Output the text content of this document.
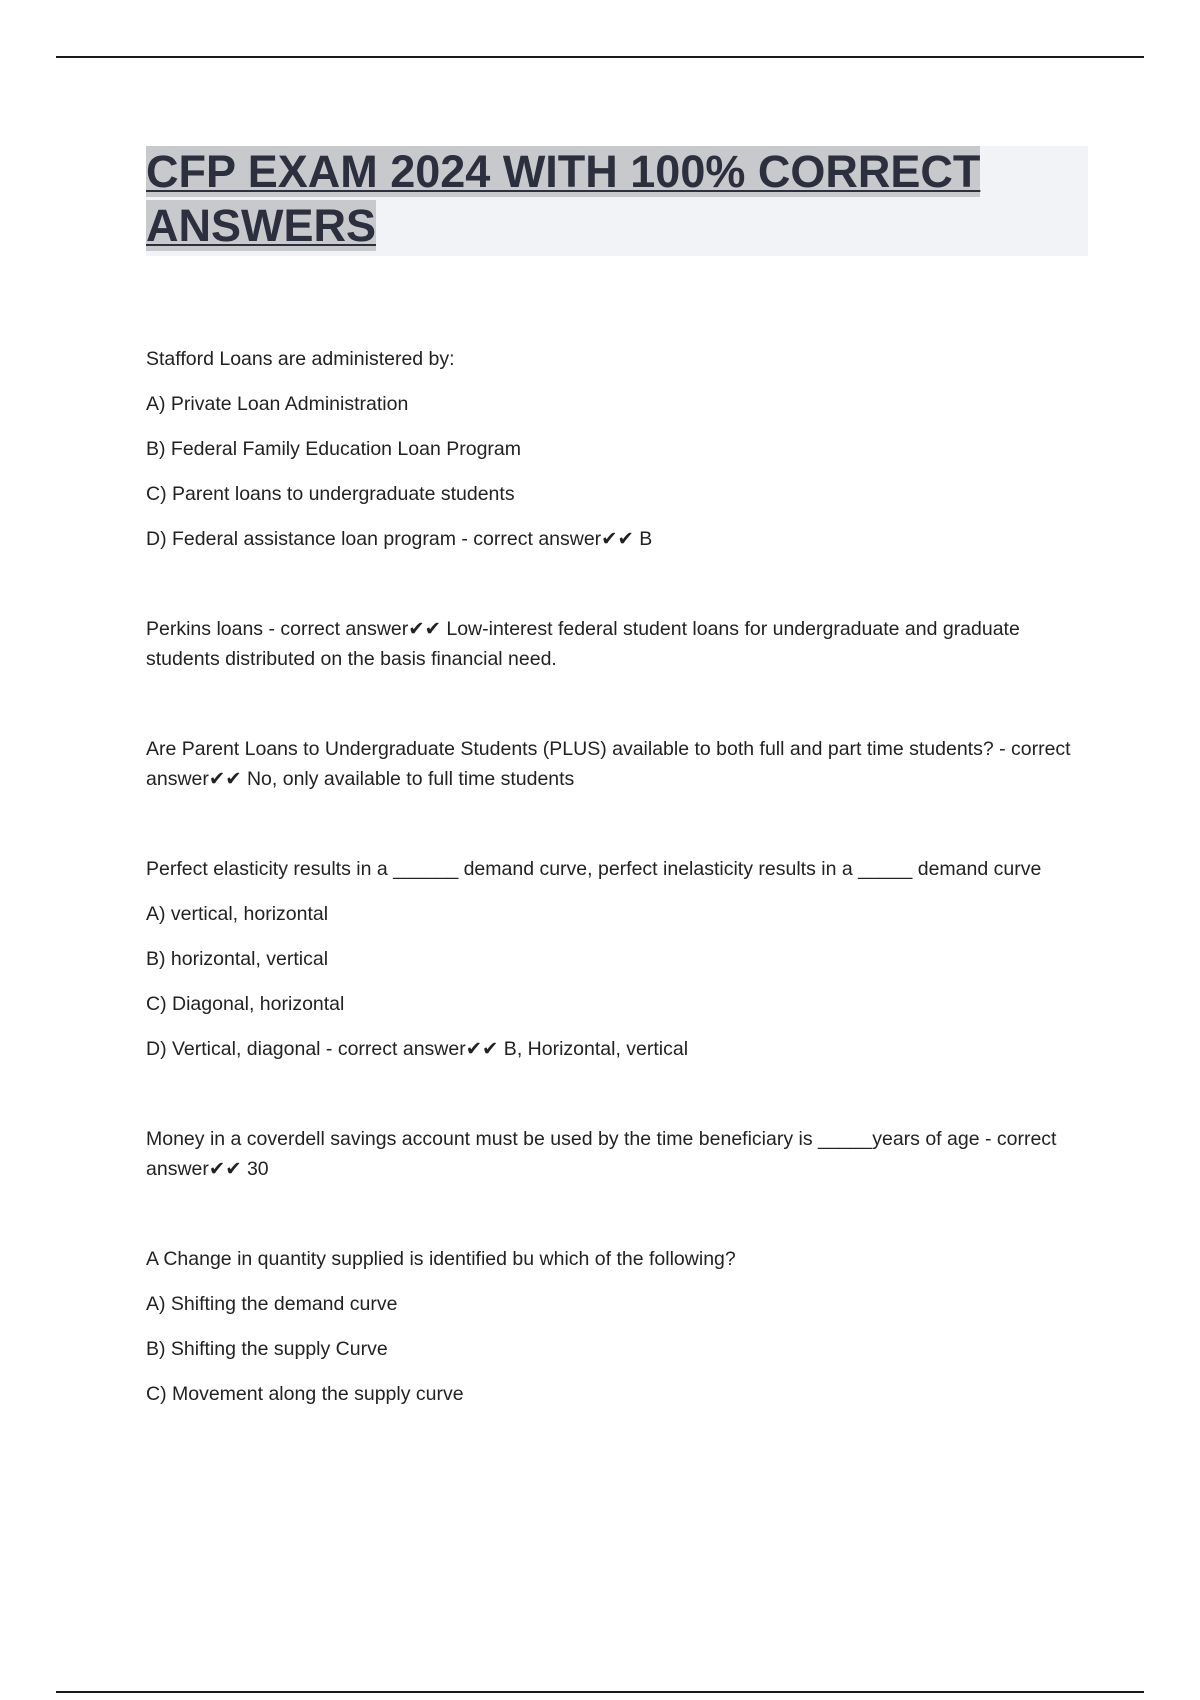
CFP EXAM 2024 WITH 100% CORRECT
ANSWERS

Stafford Loans are administered by:

A) Private Loan Administration

B) Federal Family Education Loan Program

C) Parent loans to undergraduate students

D) Federal assistance loan program - correct answer✔✔ B

Perkins loans - correct answer✔✔ Low-interest federal student loans for undergraduate and graduate students distributed on the basis financial need.

Are Parent Loans to Undergraduate Students (PLUS) available to both full and part time students? - correct answer✔✔ No, only available to full time students

Perfect elasticity results in a ______ demand curve, perfect inelasticity results in a _____ demand curve

A) vertical, horizontal

B) horizontal, vertical

C) Diagonal, horizontal

D) Vertical, diagonal - correct answer✔✔ B, Horizontal, vertical

Money in a coverdell savings account must be used by the time beneficiary is _____years of age - correct answer✔✔ 30

A Change in quantity supplied is identified bu which of the following?

A) Shifting the demand curve

B) Shifting the supply Curve

C) Movement along the supply curve
